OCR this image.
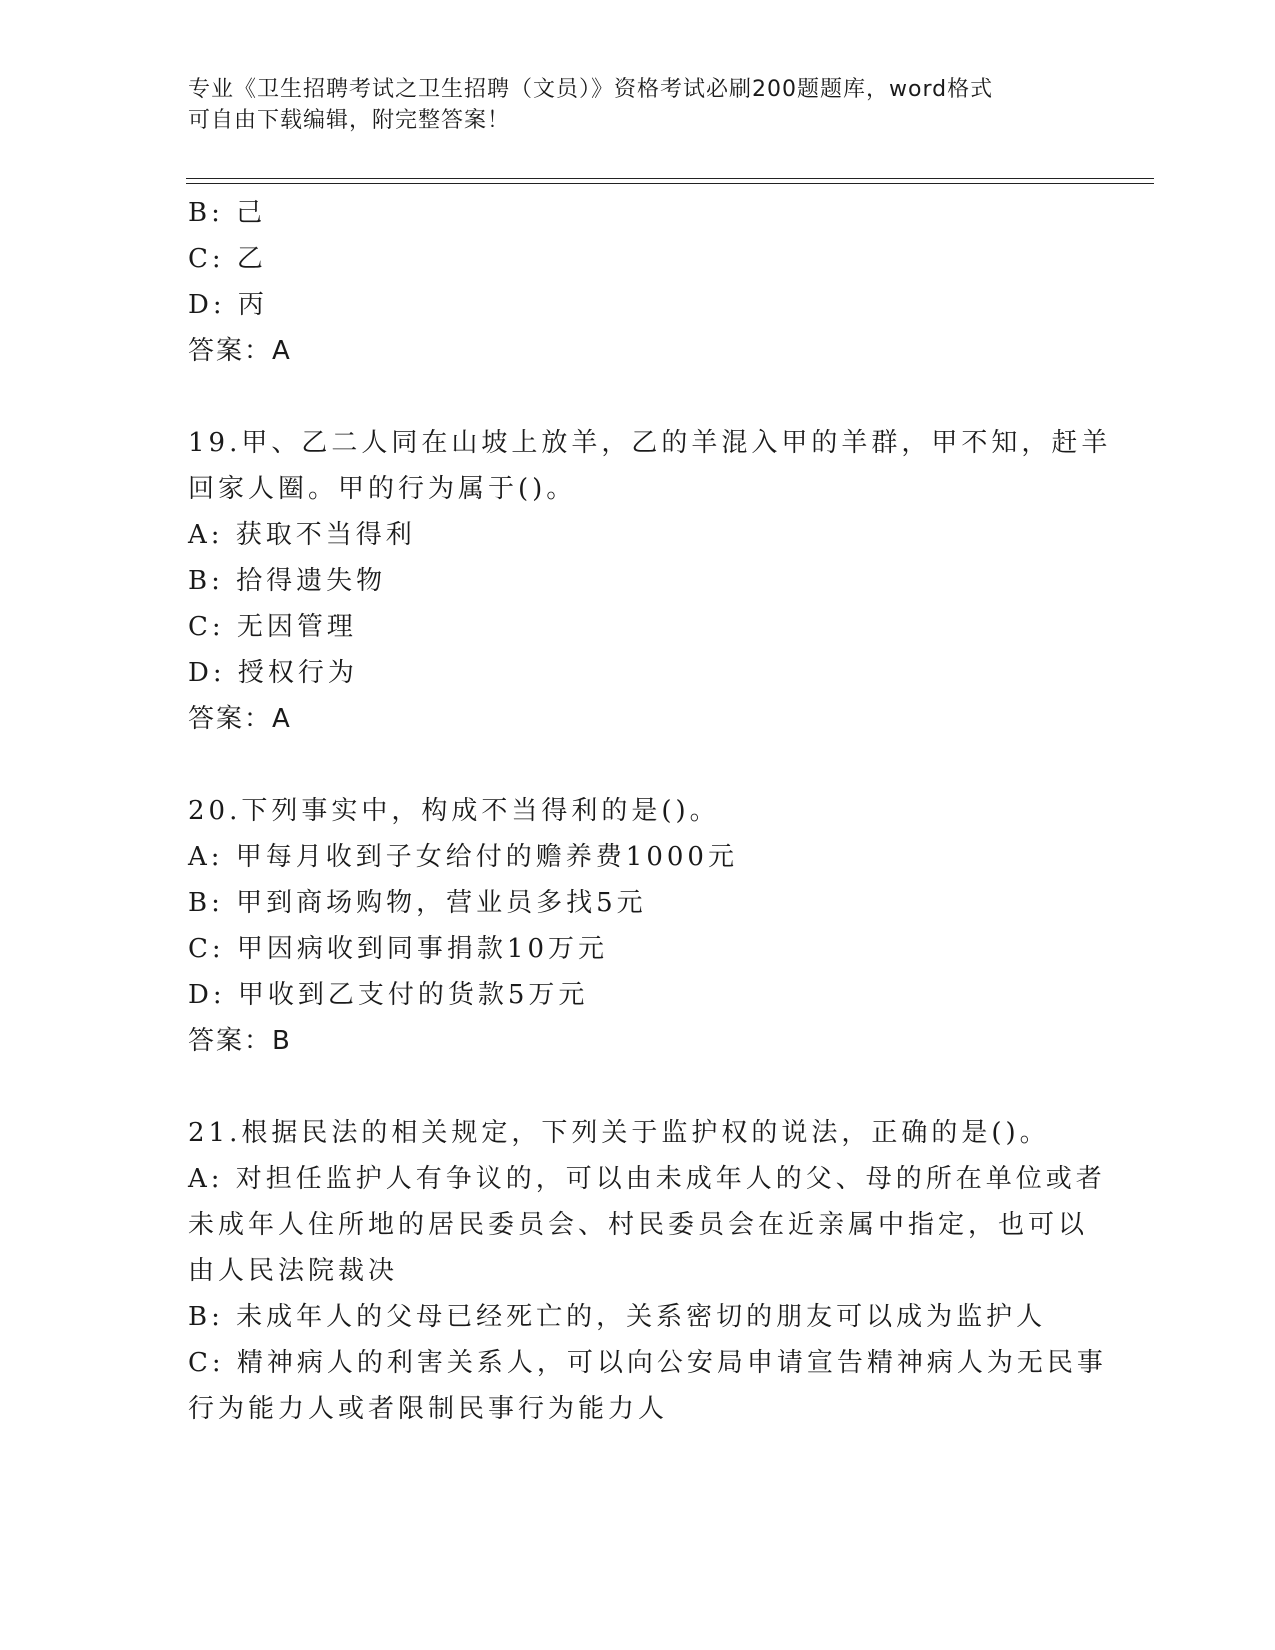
专业《卫生招聘考试之卫生招聘（文员）》资格考试必刷200题题库，word格式

可自由下载编辑，附完整答案！

B: 己
C: 乙
D: 丙
答案：A
19.甲、乙二人同在山坡上放羊，乙的羊混入甲的羊群，甲不知，赶羊
回家人圈。甲的行为属于()。
A: 获取不当得利
B: 拾得遗失物
C: 无因管理
D: 授权行为
答案：A
20.下列事实中，构成不当得利的是()。
A: 甲每月收到子女给付的赡养费1000元
B: 甲到商场购物，营业员多找5元
C: 甲因病收到同事捐款10万元
D: 甲收到乙支付的货款5万元
答案：B
21.根据民法的相关规定，下列关于监护权的说法，正确的是()。
A: 对担任监护人有争议的，可以由未成年人的父、母的所在单位或者
未成年人住所地的居民委员会、村民委员会在近亲属中指定，也可以
由人民法院裁决
B: 未成年人的父母已经死亡的，关系密切的朋友可以成为监护人
C: 精神病人的利害关系人，可以向公安局申请宣告精神病人为无民事
行为能力人或者限制民事行为能力人
